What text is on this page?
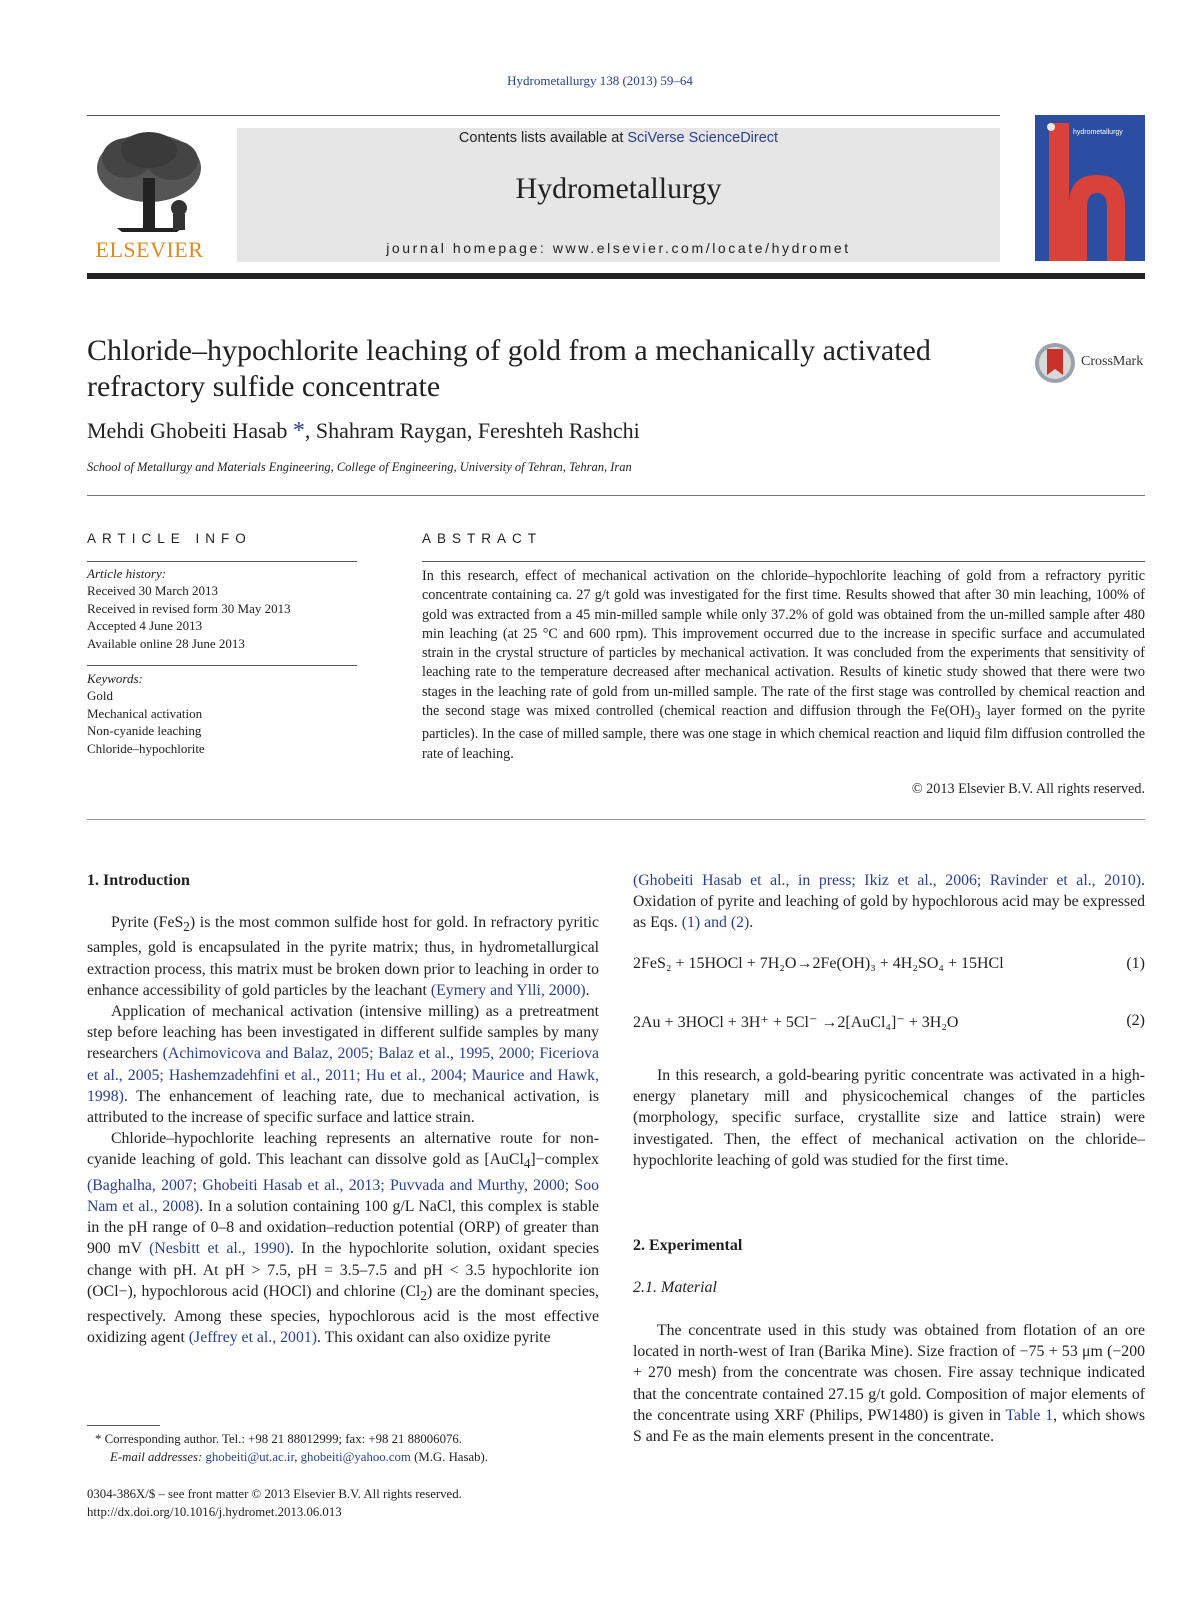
Hydrometallurgy 138 (2013) 59–64
ELSEVIER
Contents lists available at SciVerse ScienceDirect
Hydrometallurgy
journal homepage: www.elsevier.com/locate/hydromet
hydrometallurgy
Chloride–hypochlorite leaching of gold from a mechanically activated refractory sulfide concentrate
CrossMark
Mehdi Ghobeiti Hasab *, Shahram Raygan, Fereshteh Rashchi
School of Metallurgy and Materials Engineering, College of Engineering, University of Tehran, Tehran, Iran
ARTICLE INFO
Article history:
Received 30 March 2013
Received in revised form 30 May 2013
Accepted 4 June 2013
Available online 28 June 2013
Keywords:
Gold
Mechanical activation
Non-cyanide leaching
Chloride–hypochlorite
ABSTRACT
In this research, effect of mechanical activation on the chloride–hypochlorite leaching of gold from a refractory pyritic concentrate containing ca. 27 g/t gold was investigated for the first time. Results showed that after 30 min leaching, 100% of gold was extracted from a 45 min-milled sample while only 37.2% of gold was obtained from the un-milled sample after 480 min leaching (at 25 °C and 600 rpm). This improvement occurred due to the increase in specific surface and accumulated strain in the crystal structure of particles by mechanical activation. It was concluded from the experiments that sensitivity of leaching rate to the temperature decreased after mechanical activation. Results of kinetic study showed that there were two stages in the leaching rate of gold from un-milled sample. The rate of the first stage was controlled by chemical reaction and the second stage was mixed controlled (chemical reaction and diffusion through the $Fe(OH)_3$ layer formed on the pyrite particles). In the case of milled sample, there was one stage in which chemical reaction and liquid film diffusion controlled the rate of leaching.
© 2013 Elsevier B.V. All rights reserved.
1. Introduction

Pyrite (FeS$_2$) is the most common sulfide host for gold. In refractory pyritic samples, gold is encapsulated in the pyrite matrix; thus, in hydrometallurgical extraction process, this matrix must be broken down prior to leaching in order to enhance accessibility of gold particles by the leachant (Eymery and Ylli, 2000).

Application of mechanical activation (intensive milling) as a pretreatment step before leaching has been investigated in different sulfide samples by many researchers (Achimovicova and Balaz, 2005; Balaz et al., 1995, 2000; Ficeriova et al., 2005; Hashemzadehfini et al., 2011; Hu et al., 2004; Maurice and Hawk, 1998). The enhancement of leaching rate, due to mechanical activation, is attributed to the increase of specific surface and lattice strain.

Chloride–hypochlorite leaching represents an alternative route for non-cyanide leaching of gold. This leachant can dissolve gold as [AuCl$_4$]−complex (Baghalha, 2007; Ghobeiti Hasab et al., 2013; Puvvada and Murthy, 2000; Soo Nam et al., 2008). In a solution containing 100 g/L NaCl, this complex is stable in the pH range of 0–8 and oxidation–reduction potential (ORP) of greater than 900 mV (Nesbitt et al., 1990). In the hypochlorite solution, oxidant species change with pH. At pH > 7.5, pH = 3.5–7.5 and pH < 3.5 hypochlorite ion (OCl−), hypochlorous acid (HOCl) and chlorine $(Cl_2)$ are the dominant species, respectively. Among these species, hypochlorous acid is the most effective oxidizing agent (Jeffrey et al., 2001). This oxidant can also oxidize pyrite

* Corresponding author. Tel.: +98 21 88012999; fax: +98 21 88006076.
E-mail addresses: ghobeiti@ut.ac.ir, ghobeiti@yahoo.com (M.G. Hasab).
0304-386X/$ – see front matter © 2013 Elsevier B.V. All rights reserved.
http://dx.doi.org/10.1016/j.hydromet.2013.06.013
(Ghobeiti Hasab et al., in press; Ikiz et al., 2006; Ravinder et al., 2010). Oxidation of pyrite and leaching of gold by hypochlorous acid may be expressed as Eqs. (1) and (2).
2FeS₂ + 15HOCl + 7H₂O→2Fe(OH)₃ + 4H₂SO₄ + 15HCl	(1)
2Au + 3HOCl + 3H⁺ + 5Cl⁻ →2[AuCl₄]⁻ + 3H₂O	(2)

In this research, a gold-bearing pyritic concentrate was activated in a high-energy planetary mill and physicochemical changes of the particles (morphology, specific surface, crystallite size and lattice strain) were investigated. Then, the effect of mechanical activation on the chloride–hypochlorite leaching of gold was studied for the first time.

2. Experimental
2.1. Material

The concentrate used in this study was obtained from flotation of an ore located in north-west of Iran (Barika Mine). Size fraction of −75 + 53 μm (−200 + 270 mesh) from the concentrate was chosen. Fire assay technique indicated that the concentrate contained 27.15 g/t gold. Composition of major elements of the concentrate using XRF (Philips, PW1480) is given in Table 1, which shows S and Fe as the main elements present in the concentrate.
